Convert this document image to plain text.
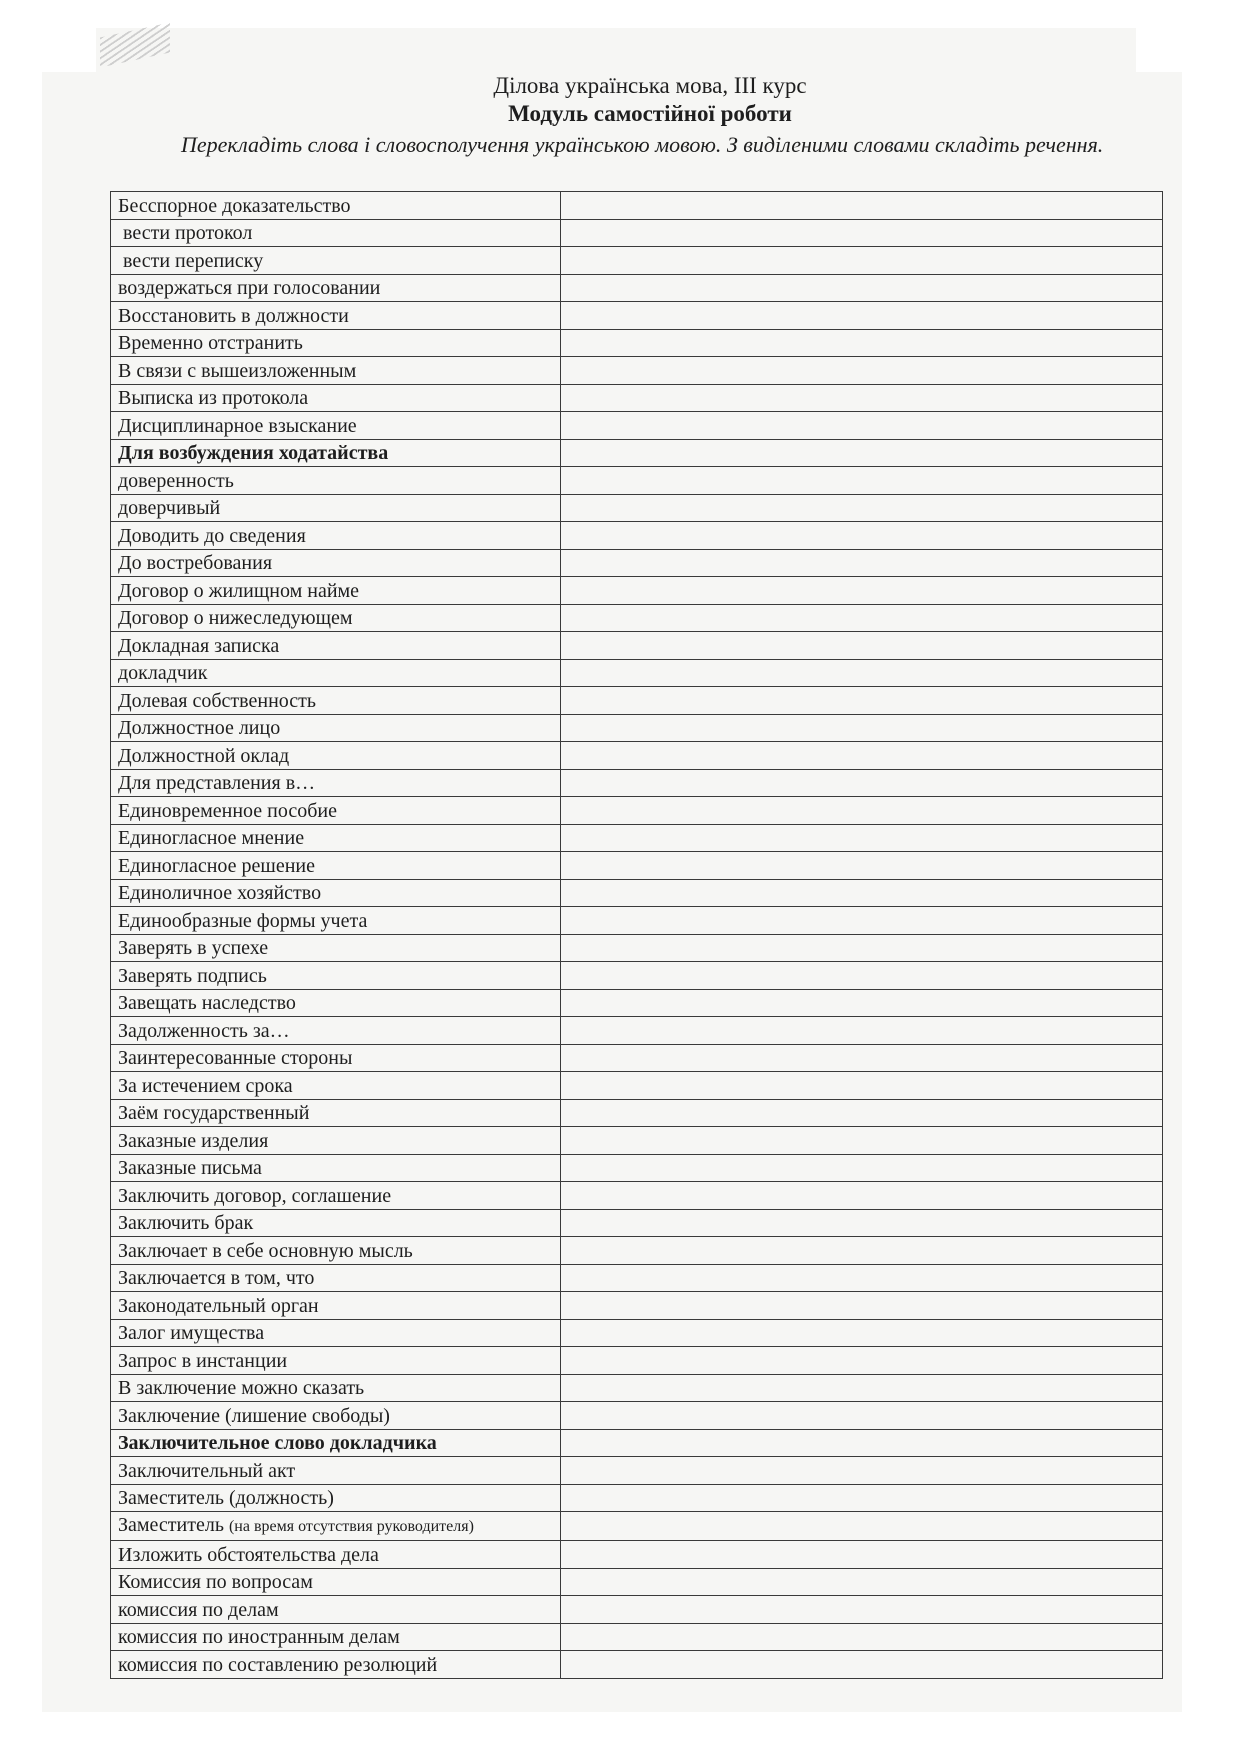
Ділова українська мова, ІІІ курс
Модуль самостійної роботи
Перекладіть слова і словосполучення українською мовою. З виділеними словами складіть речення.
Бесспорное доказательство	
вести протокол	
вести переписку	
воздержаться при голосовании	
Восстановить в должности	
Временно отстранить	
В связи с вышеизложенным	
Выписка из протокола	
Дисциплинарное взыскание	
Для возбуждения ходатайства	
доверенность	
доверчивый	
Доводить до сведения	
До востребования	
Договор о жилищном найме	
Договор о нижеследующем	
Докладная записка	
докладчик	
Долевая собственность	
Должностное лицо	
Должностной оклад	
Для представления в…	
Единовременное пособие	
Единогласное мнение	
Единогласное решение	
Единоличное хозяйство	
Единообразные формы учета	
Заверять в успехе	
Заверять подпись	
Завещать наследство	
Задолженность за…	
Заинтересованные стороны	
За истечением срока	
Заём государственный	
Заказные изделия	
Заказные письма	
Заключить договор, соглашение	
Заключить брак	
Заключает в себе основную мысль	
Заключается в том, что	
Законодательный орган	
Залог имущества	
Запрос в инстанции	
В заключение можно сказать	
Заключение (лишение свободы)	
Заключительное слово докладчика	
Заключительный акт	
Заместитель (должность)	
Заместитель (на время отсутствия руководителя)	
Изложить обстоятельства дела	
Комиссия по вопросам	
комиссия по делам	
комиссия по иностранным делам	
комиссия по составлению резолюций	
